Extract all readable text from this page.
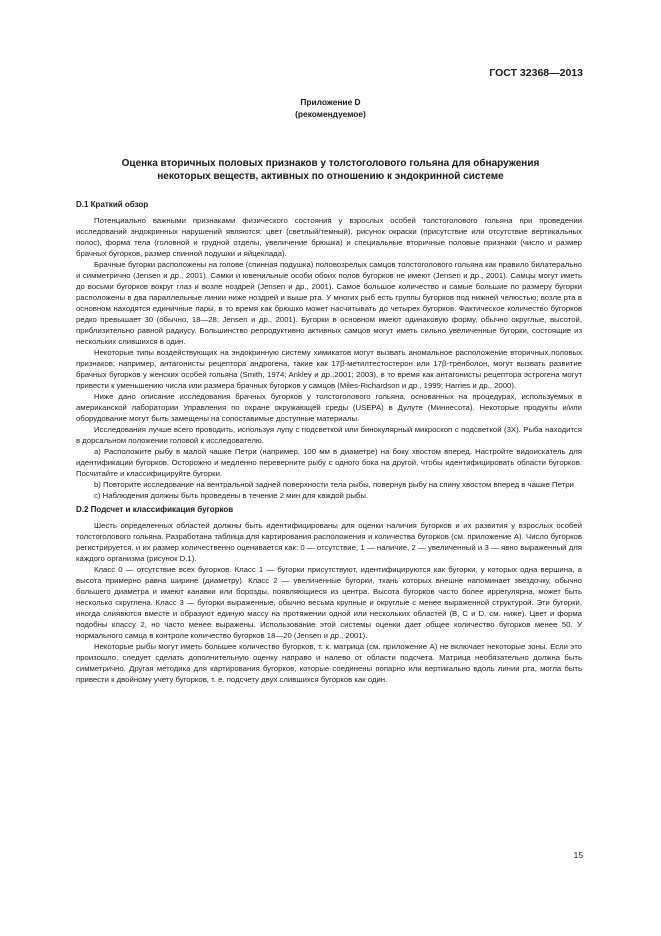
ГОСТ 32368—2013
Приложение D
(рекомендуемое)
Оценка вторичных половых признаков у толстоголового гольяна для обнаружения
некоторых веществ, активных по отношению к эндокринной системе
D.1 Краткий обзор

Потенциально важными признаками физического состояния у взрослых особей толстоголового гольяна при проведении исследований эндокринных нарушений являются: цвет (светлый/темный), рисунок окраски (присутствие или отсутствие вертикальных полос), форма тела (головной и грудной отделы, увеличение брюшка) и специальные вторичные половые признаки (число и размер брачных бугорков, размер спинной подушки и яйцеклада).

Брачные бугорки расположены на голове (спинная подушка) половозрелых самцов толстоголового гольяна как правило билатерально и симметрично (Jensen и др., 2001). Самки и ювенильные особи обоих полов бугорков не имеют (Jensen и др., 2001). Самцы могут иметь до восьми бугорков вокруг глаз и возле ноздрей (Jensen и др., 2001). Самое большое количество и самые большие по размеру бугорки расположены в два параллельные линии ниже ноздрей и выше рта. У многих рыб есть группы бугорков под нижней челюстью; возле рта в основном находятся единичные пары, в то время как брюшко может насчитывать до четырех бугорков. Фактическое количество бугорков редко превышает 30 (обычно, 18—28; Jensen и др., 2001). Бугорки в основном имеют одинаковую форму, обычно округлые, высотой, приблизительно равной радиусу. Большинство репродуктивно активных самцов могут иметь сильно увеличенные бугорки, состоящие из нескольких слившихся в один.

Некоторые типы воздействующих на эндокринную систему химикатов могут вызвать аномальное расположение вторичных половых признаков; например, антагонисты рецептора андрогена, такие как 17β-метилтестостерон или 17β-тренболон, могут вызвать развитие брачных бугорков у женских особей гольяна (Smith, 1974; Ankley и др.,2001; 2003), в то время как антагонисты рецептора эстрогена могут привести к уменьшению числа или размера брачных бугорков у самцов (Miles-Richardson и др., 1999; Harries и др., 2000).

Ниже дано описание исследования брачных бугорков у толстоголового гольяна, основанных на процедурах, используемых в американской лаборатории Управления по охране окружающей среды (USEPA) в Дулуте (Миннесота). Некоторые продукты и/или оборудование могут быть замещены на сопоставимые доступные материалы.

Исследования лучше всего проводить, используя лупу с подсветкой или бинокулярный микроскоп с подсветкой (3X). Рыба находится в дорсальном положении головой к исследователю.

a) Расположите рыбу в малой чашке Петри (например, 100 мм в диаметре) на боку хвостом вперед. Настройте видоискатель для идентификации бугорков. Осторожно и медленно переверните рыбу с одного бока на другой, чтобы идентифицировать области бугорков. Посчитайте и классифицируйте бугорки.

b) Повторите исследование на вентральной задней поверхности тела рыбы, повернув рыбу на спину хвостом вперед в чашке Петри

c) Наблюдения должны быть проведены в течение 2 мин для каждой рыбы.

D.2 Подсчет и классификация бугорков

Шесть определенных областей должны быть идентифицированы для оценки наличия бугорков и их развития у взрослых особей толстоголового гольяна. Разработана таблица для картирования расположения и количества бугорков (см. приложение А). Число бугорков регистрируется, и их размер количественно оценивается как: 0 — отсутствие, 1 — наличие, 2 — увеличенный и 3 — явно выраженный для каждого организма (рисунок D.1).

Класс 0 — отсутствие всех бугорков. Класс 1 — бугорки присутствуют, идентифицируются как бугорки, у которых одна вершина, а высота примерно равна ширине (диаметру). Класс 2 — увеличенные бугорки, ткань которых внешне напоминает звездочку, обычно большего диаметра и имеют канавки или борозды, появляющиеся из центра. Высота бугорков часто более иррегулярна, может быть несколько скруглена. Класс 3 — бугорки выраженные, обычно весьма крупные и округлые с менее выраженной структурой. Эти бугорки, иногда слиявются вместе и образуют единую массу на протяжении одной или нескольких областей (В, С и D, см. ниже). Цвет и форма подобны классу 2, но часто менее выражены. Использование этой системы оценки дает общее количество бугорков менее 50. У нормального самца в контроле количество бугорков 18—20 (Jensen и др., 2001).

Некоторые рыбы могут иметь большее количество бугорков, т. к. матрица (см. приложение А) не включает некоторые зоны. Если это произошло, следует сделать дополнительную оценку направо и налево от области подсчета. Матрица необязательно должна быть симметрично. Другая методика для картирования бугорков, которые соединены попарно или вертикально вдоль линии рта, могла быть привести к двойному учету бугорков, т. е. подсчету двух слившихся бугорков как один.

15
